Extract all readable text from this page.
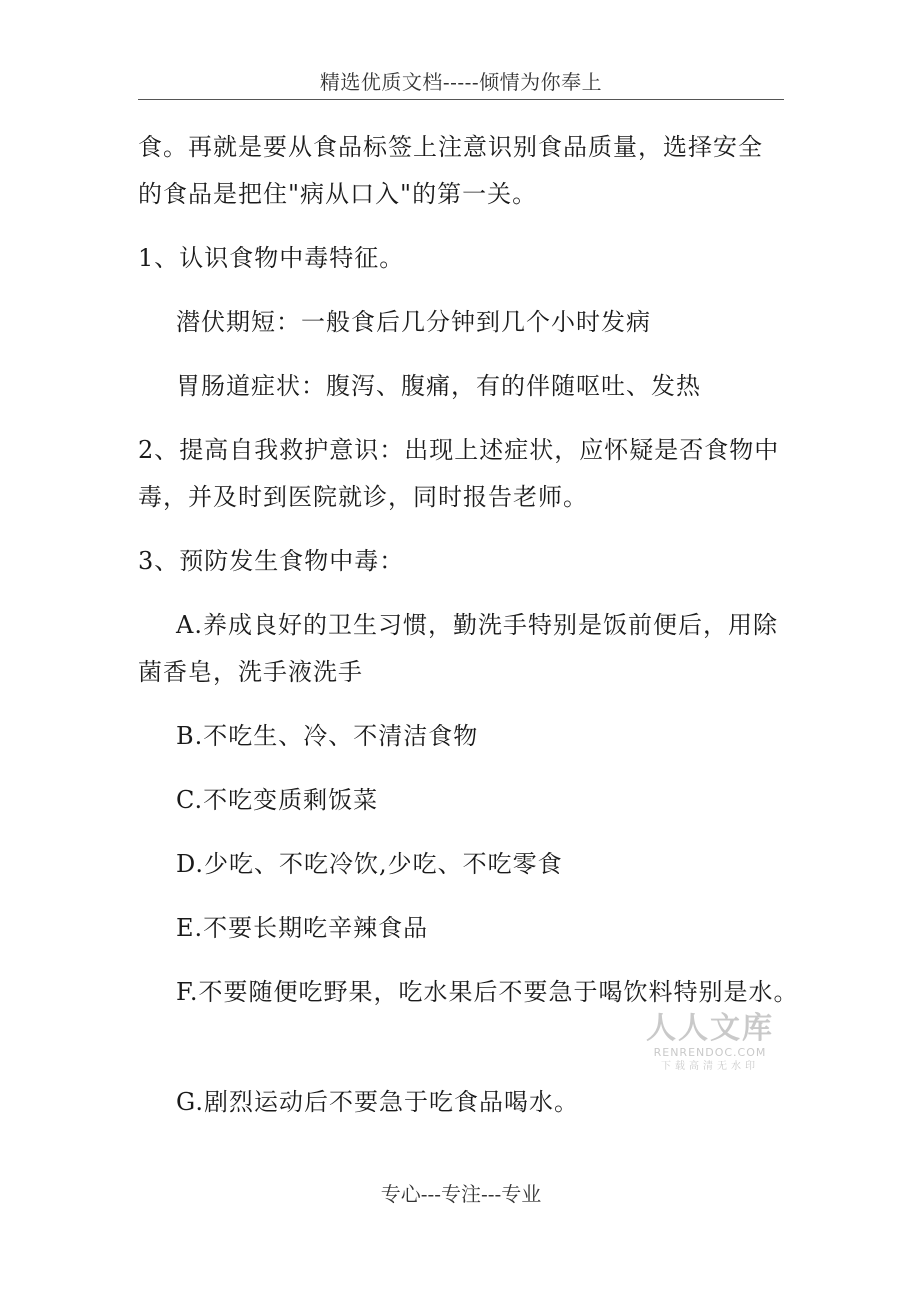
精选优质文档-----倾情为你奉上
食。再就是要从食品标签上注意识别食品质量，选择安全
的食品是把住"病从口入"的第一关。
1、认识食物中毒特征。
潜伏期短：一般食后几分钟到几个小时发病
胃肠道症状：腹泻、腹痛，有的伴随呕吐、发热
2、提高自我救护意识：出现上述症状，应怀疑是否食物中
毒，并及时到医院就诊，同时报告老师。
3、预防发生食物中毒：
A.养成良好的卫生习惯，勤洗手特别是饭前便后，用除
菌香皂，洗手液洗手
B.不吃生、冷、不清洁食物
C.不吃变质剩饭菜
D.少吃、不吃冷饮,少吃、不吃零食
E.不要长期吃辛辣食品
F.不要随便吃野果，吃水果后不要急于喝饮料特别是水。
G.剧烈运动后不要急于吃食品喝水。
人人文库
RENRENDOC.COM
下载高清无水印
专心---专注---专业
